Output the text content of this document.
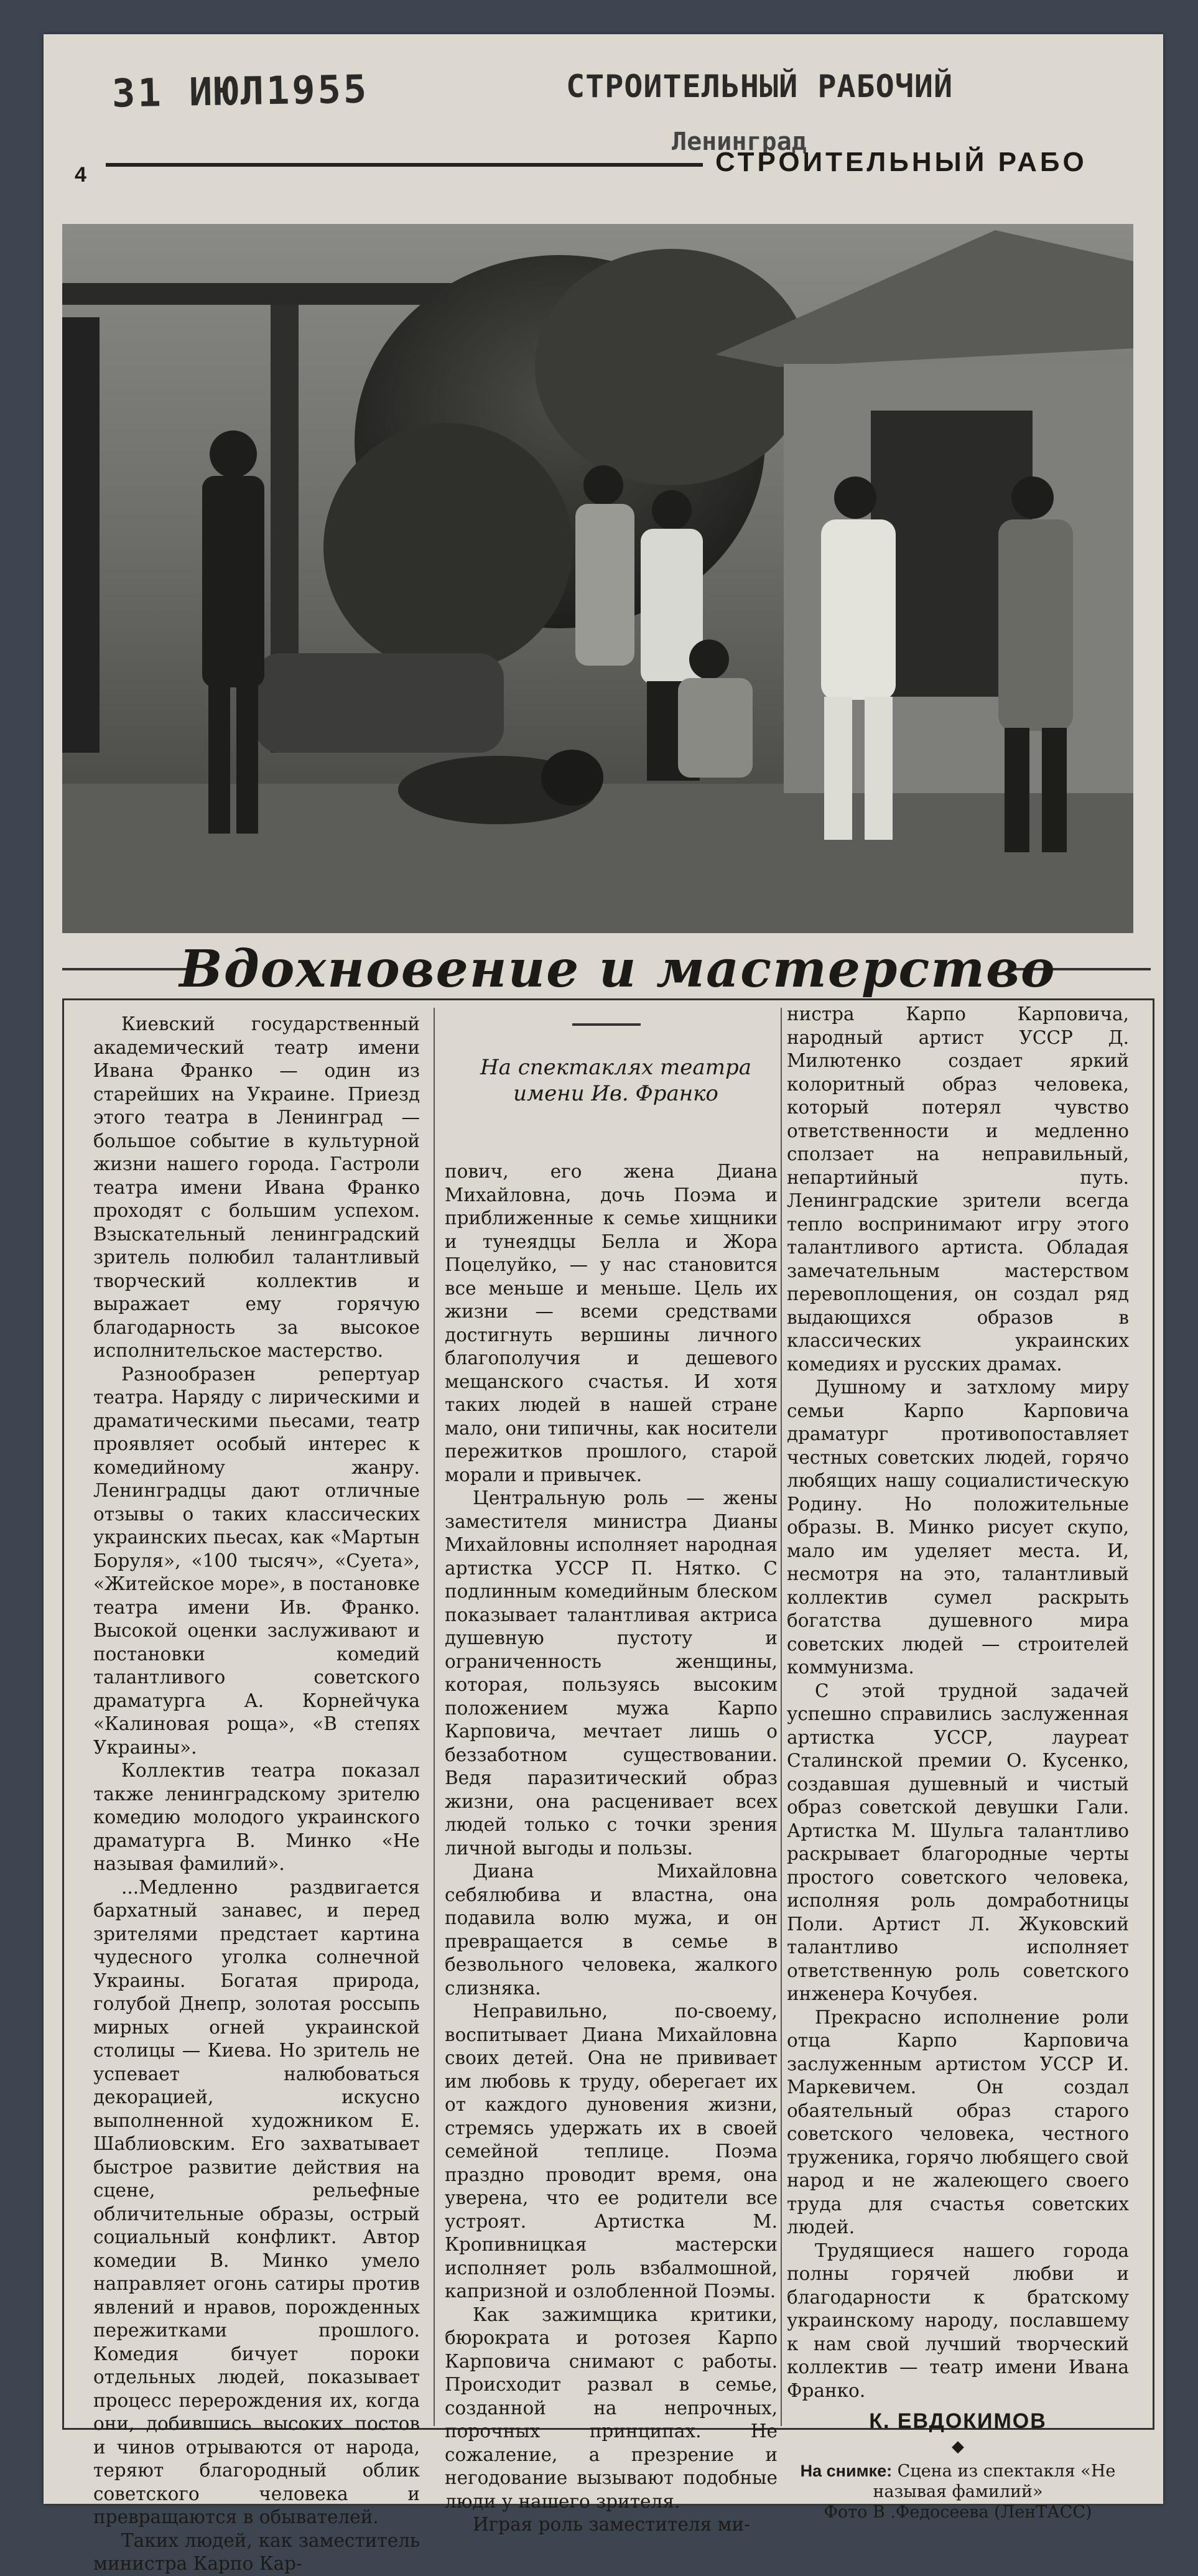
31 ИЮЛ1955	СТРОИТЕЛЬНЫЙ РАБОЧИЙ
Ленинград
4	СТРОИТЕЛЬНЫЙ РАБО
Вдохновение и мастерство

Киевский государственный академический театр имени Ивана Франко — один из старейших на Украине. Приезд этого театра в Ленинград — большое событие в культурной жизни нашего города. Гастроли театра имени Ивана Франко проходят с большим успехом. Взыскательный ленинградский зритель полюбил талантливый творческий коллектив и выражает ему горячую благодарность за высокое исполнительское мастерство.

Разнообразен репертуар театра. Наряду с лирическими и драматическими пьесами, театр проявляет особый интерес к комедийному жанру. Ленинградцы дают отличные отзывы о таких классических украинских пьесах, как «Мартын Боруля», «100 тысяч», «Суета», «Житейское море», в постановке театра имени Ив. Франко. Высокой оценки заслуживают и постановки комедий талантливого советского драматурга А. Корнейчука «Калиновая роща», «В степях Украины».

Коллектив театра показал также ленинградскому зрителю комедию молодого украинского драматурга В. Минко «Не называя фамилий».

...Медленно раздвигается бархатный занавес, и перед зрителями предстает картина чудесного уголка солнечной Украины. Богатая природа, голубой Днепр, золотая россыпь мирных огней украинской столицы — Киева. Но зритель не успевает налюбоваться декорацией, искусно выполненной художником Е. Шаблиовским. Его захватывает быстрое развитие действия на сцене, рельефные обличительные образы, острый социальный конфликт. Автор комедии В. Минко умело направляет огонь сатиры против явлений и нравов, порожденных пережитками прошлого. Комедия бичует пороки отдельных людей, показывает процесс перерождения их, когда они, добившись высоких постов и чинов отрываются от народа, теряют благородный облик советского человека и превращаются в обывателей.

Таких людей, как заместитель министра Карпо Кар-

На спектаклях театра имени Ив. Франко

пович, его жена Диана Михайловна, дочь Поэма и приближенные к семье хищники и тунеядцы Белла и Жора Поцелуйко, — у нас становится все меньше и меньше. Цель их жизни — всеми средствами достигнуть вершины личного благополучия и дешевого мещанского счастья. И хотя таких людей в нашей стране мало, они типичны, как носители пережитков прошлого, старой морали и привычек.

Центральную роль — жены заместителя министра Дианы Михайловны исполняет народная артистка УССР П. Нятко. С подлинным комедийным блеском показывает талантливая актриса душевную пустоту и ограниченность женщины, которая, пользуясь высоким положением мужа Карпо Карповича, мечтает лишь о беззаботном существовании. Ведя паразитический образ жизни, она расценивает всех людей только с точки зрения личной выгоды и пользы.

Диана Михайловна себялюбива и властна, она подавила волю мужа, и он превращается в семье в безвольного человека, жалкого слизняка.

Неправильно, по-своему, воспитывает Диана Михайловна своих детей. Она не прививает им любовь к труду, оберегает их от каждого дуновения жизни, стремясь удержать их в своей семейной теплице. Поэма праздно проводит время, она уверена, что ее родители все устроят. Артистка М. Кропивницкая мастерски исполняет роль взбалмошной, капризной и озлобленной Поэмы.

Как зажимщика критики, бюрократа и ротозея Карпо Карповича снимают с работы. Происходит развал в семье, созданной на непрочных, порочных принципах. Не сожаление, а презрение и негодование вызывают подобные люди у нашего зрителя.

Играя роль заместителя ми-

нистра Карпо Карповича, народный артист УССР Д. Милютенко создает яркий колоритный образ человека, который потерял чувство ответственности и медленно сползает на неправильный, непартийный путь. Ленинградские зрители всегда тепло воспринимают игру этого талантливого артиста. Обладая замечательным мастерством перевоплощения, он создал ряд выдающихся образов в классических украинских комедиях и русских драмах.

Душному и затхлому миру семьи Карпо Карповича драматург противопоставляет честных советских людей, горячо любящих нашу социалистическую Родину. Но положительные образы. В. Минко рисует скупо, мало им уделяет места. И, несмотря на это, талантливый коллектив сумел раскрыть богатства душевного мира советских людей — строителей коммунизма.

С этой трудной задачей успешно справились заслуженная артистка УССР, лауреат Сталинской премии О. Кусенко, создавшая душевный и чистый образ советской девушки Гали. Артистка М. Шульга талантливо раскрывает благородные черты простого советского человека, исполняя роль домработницы Поли. Артист Л. Жуковский талантливо исполняет ответственную роль советского инженера Кочубея.

Прекрасно исполнение роли отца Карпо Карповича заслуженным артистом УССР И. Маркевичем. Он создал обаятельный образ старого советского человека, честного труженика, горячо любящего свой народ и не жалеющего своего труда для счастья советских людей.

Трудящиеся нашего города полны горячей любви и благодарности к братскому украинскому народу, пославшему к нам свой лучший творческий коллектив — театр имени Ивана Франко.

К. ЕВДОКИМОВ
◆
На снимке: Сцена из спектакля «Не называя фамилий»
Фото В .Федосеева (ЛенТАСС)
